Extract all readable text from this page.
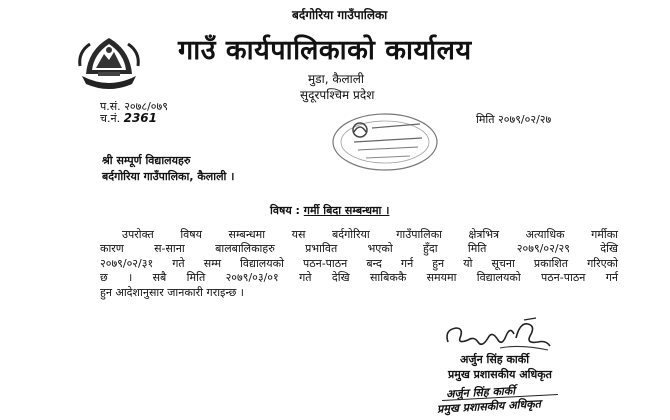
बर्दगोरिया गाउँपालिका
गाउँ कार्यपालिकाको कार्यालय
मुडा, कैलाली
सुदूरपश्चिम प्रदेश
प.सं. २०७८/०७९
च.नं. 2361	मिति २०७९/०२/२७
श्री सम्पूर्ण विद्यालयहरु
बर्दगोरिया गाउँपालिका, कैलाली ।
विषय : गर्मी बिदा सम्बन्धमा ।
उपरोक्त विषय सम्बन्धमा यस बर्दगोरिया गाउँपालिका क्षेत्रभित्र अत्याधिक गर्मीका
कारण स-साना बालबालिकाहरु प्रभावित भएको हुँदा मिति २०७९/०२/२९ देखि
२०७९/०२/३१ गते सम्म विद्यालयको पठन-पाठन बन्द गर्न हुन यो सूचना प्रकाशित गरिएको
छ । सबै मिति २०७९/०३/०१ गते देखि साबिककै समयमा विद्यालयको पठन-पाठन गर्न
हुन आदेशानुसार जानकारी गराइन्छ ।
अर्जुन सिंह कार्की
प्रमुख प्रशासकीय अधिकृत
अर्जुन सिंह कार्की
प्रमुख प्रशासकीय अधिकृत
